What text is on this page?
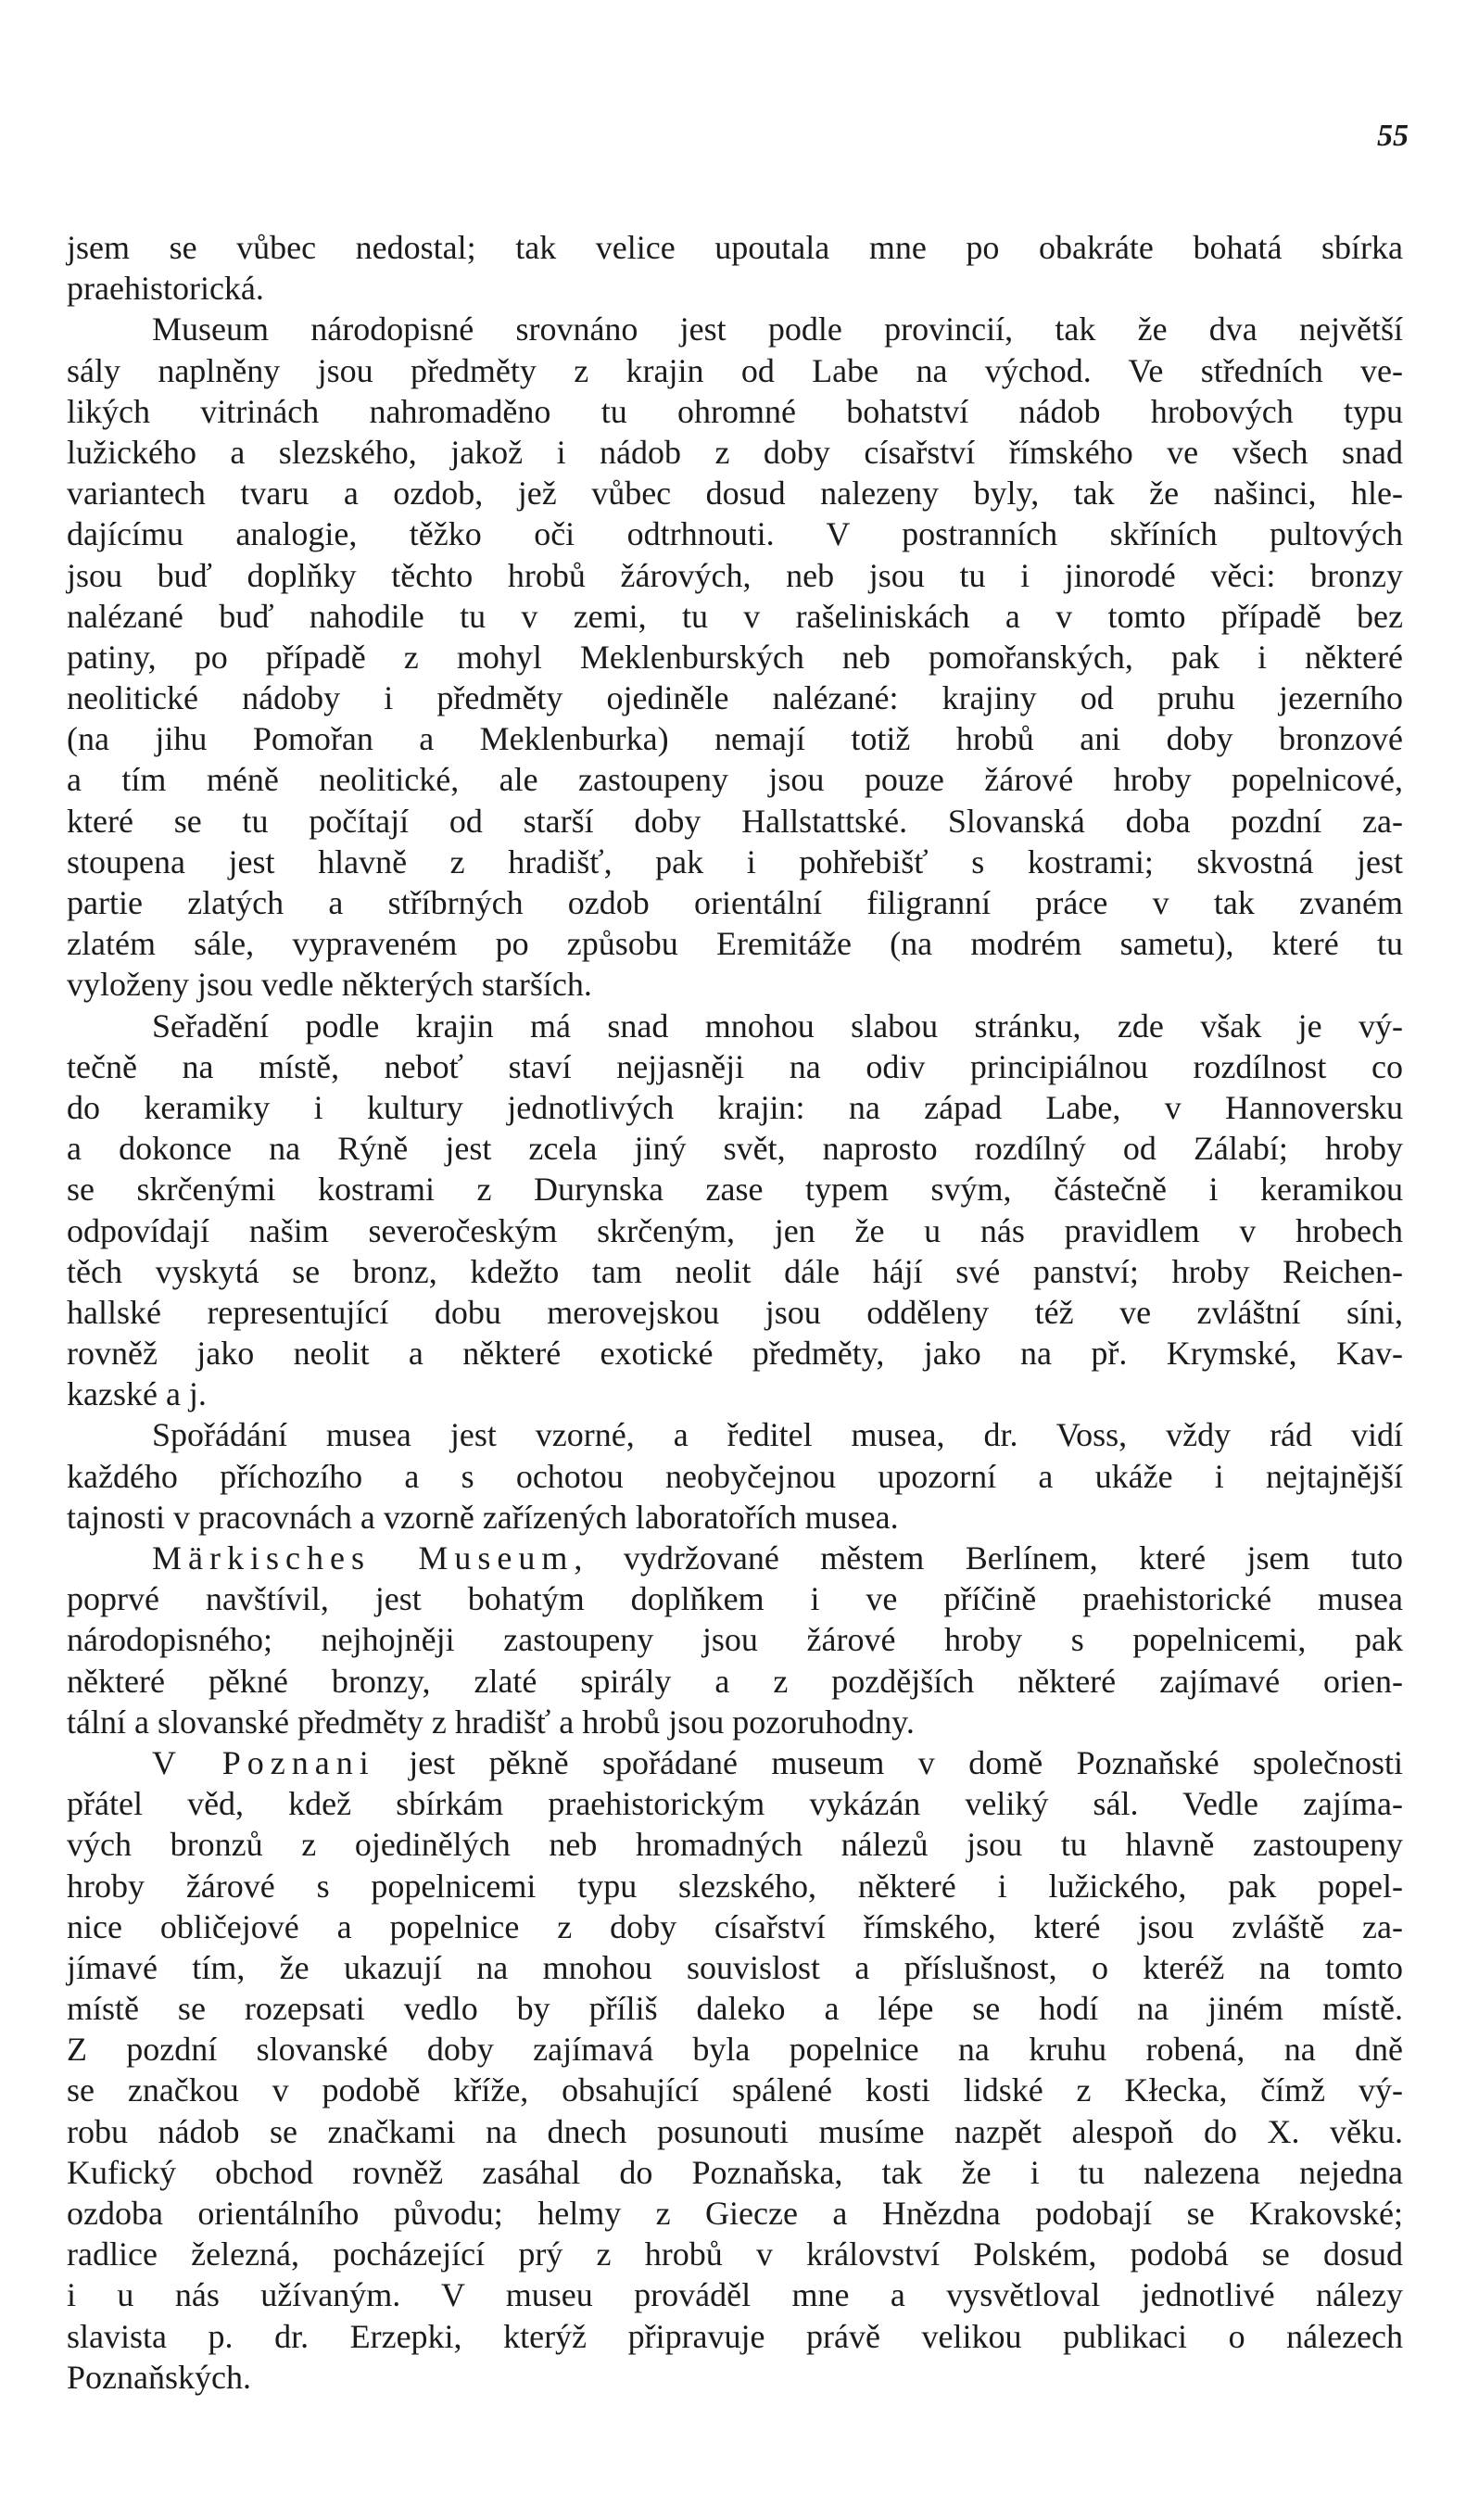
55
jsem se vůbec nedostal; tak velice upoutala mne po obakráte bohatá sbírka
praehistorická.
Museum národopisné srovnáno jest podle provincií, tak že dva největší
sály naplněny jsou předměty z krajin od Labe na východ. Ve středních ve-
likých vitrinách nahromaděno tu ohromné bohatství nádob hrobových typu
lužického a slezského, jakož i nádob z doby císařství římského ve všech snad
variantech tvaru a ozdob, jež vůbec dosud nalezeny byly, tak že našinci, hle-
dajícímu analogie, těžko oči odtrhnouti. V postranních skříních pultových
jsou buď doplňky těchto hrobů žárových, neb jsou tu i jinorodé věci: bronzy
nalézané buď nahodile tu v zemi, tu v rašeliniskách a v tomto případě bez
patiny, po případě z mohyl Meklenburských neb pomořanských, pak i některé
neolitické nádoby i předměty ojediněle nalézané: krajiny od pruhu jezerního
(na jihu Pomořan a Meklenburka) nemají totiž hrobů ani doby bronzové
a tím méně neolitické, ale zastoupeny jsou pouze žárové hroby popelnicové,
které se tu počítají od starší doby Hallstattské. Slovanská doba pozdní za-
stoupena jest hlavně z hradišť, pak i pohřebišť s kostrami; skvostná jest
partie zlatých a stříbrných ozdob orientální filigranní práce v tak zvaném
zlatém sále, vypraveném po způsobu Eremitáže (na modrém sametu), které tu
vyloženy jsou vedle některých starších.
Seřadění podle krajin má snad mnohou slabou stránku, zde však je vý-
tečně na místě, neboť staví nejjasněji na odiv principiálnou rozdílnost co
do keramiky i kultury jednotlivých krajin: na západ Labe, v Hannoversku
a dokonce na Rýně jest zcela jiný svět, naprosto rozdílný od Zálabí; hroby
se skrčenými kostrami z Durynska zase typem svým, částečně i keramikou
odpovídají našim severočeským skrčeným, jen že u nás pravidlem v hrobech
těch vyskytá se bronz, kdežto tam neolit dále hájí své panství; hroby Reichen-
hallské representující dobu merovejskou jsou odděleny též ve zvláštní síni,
rovněž jako neolit a některé exotické předměty, jako na př. Krymské, Kav-
kazské a j.
Spořádání musea jest vzorné, a ředitel musea, dr. Voss, vždy rád vidí
každého příchozího a s ochotou neobyčejnou upozorní a ukáže i nejtajnější
tajnosti v pracovnách a vzorně zařízených laboratořích musea.
Märkisches Museum, vydržované městem Berlínem, které jsem tuto
poprvé navštívil, jest bohatým doplňkem i ve příčině praehistorické musea
národopisného; nejhojněji zastoupeny jsou žárové hroby s popelnicemi, pak
některé pěkné bronzy, zlaté spirály a z pozdějších některé zajímavé orien-
tální a slovanské předměty z hradišť a hrobů jsou pozoruhodny.
V Poznani jest pěkně spořádané museum v domě Poznaňské společnosti
přátel věd, kdež sbírkám praehistorickým vykázán veliký sál. Vedle zajíma-
vých bronzů z ojedinělých neb hromadných nálezů jsou tu hlavně zastoupeny
hroby žárové s popelnicemi typu slezského, některé i lužického, pak popel-
nice obličejové a popelnice z doby císařství římského, které jsou zvláště za-
jímavé tím, že ukazují na mnohou souvislost a příslušnost, o kteréž na tomto
místě se rozepsati vedlo by příliš daleko a lépe se hodí na jiném místě.
Z pozdní slovanské doby zajímavá byla popelnice na kruhu robená, na dně
se značkou v podobě kříže, obsahující spálené kosti lidské z Kłecka, čímž vý-
robu nádob se značkami na dnech posunouti musíme nazpět alespoň do X. věku.
Kufický obchod rovněž zasáhal do Poznaňska, tak že i tu nalezena nejedna
ozdoba orientálního původu; helmy z Giecze a Hnězdna podobají se Krakovské;
radlice železná, pocházející prý z hrobů v království Polském, podobá se dosud
i u nás užívaným. V museu prováděl mne a vysvětloval jednotlivé nálezy
slavista p. dr. Erzepki, kterýž připravuje právě velikou publikaci o nálezech
Poznaňských.
